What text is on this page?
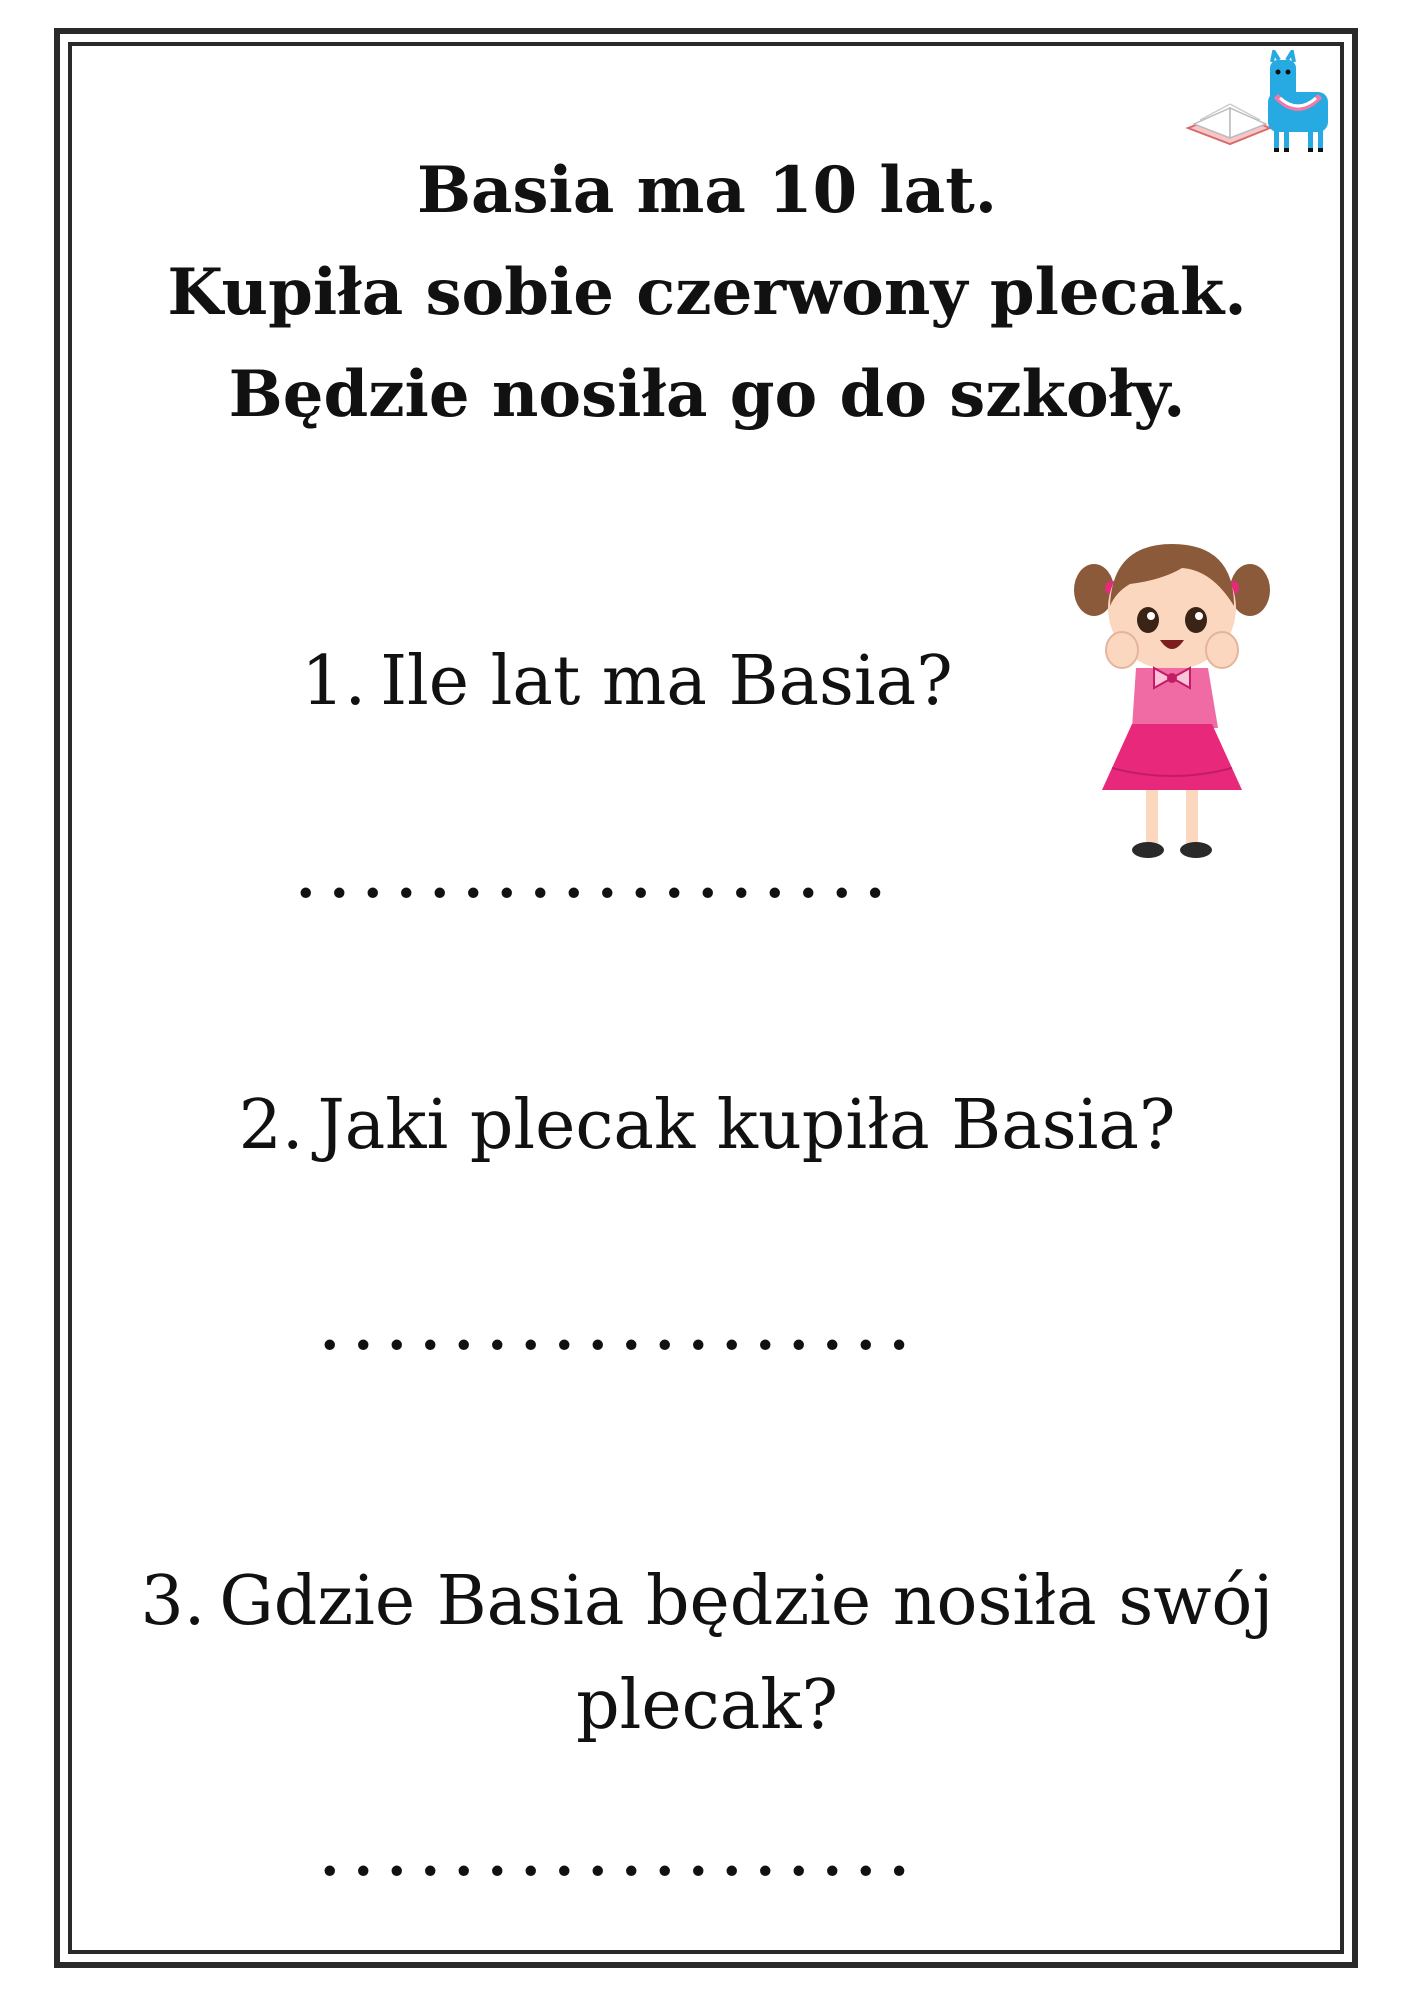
Basia ma 10 lat.
Kupiła sobie czerwony plecak.
Będzie nosiła go do szkoły.

1. Ile lat ma Basia?

..................

2. Jaki plecak kupiła Basia?

..................

3. Gdzie Basia będzie nosiła swój plecak?

..................
